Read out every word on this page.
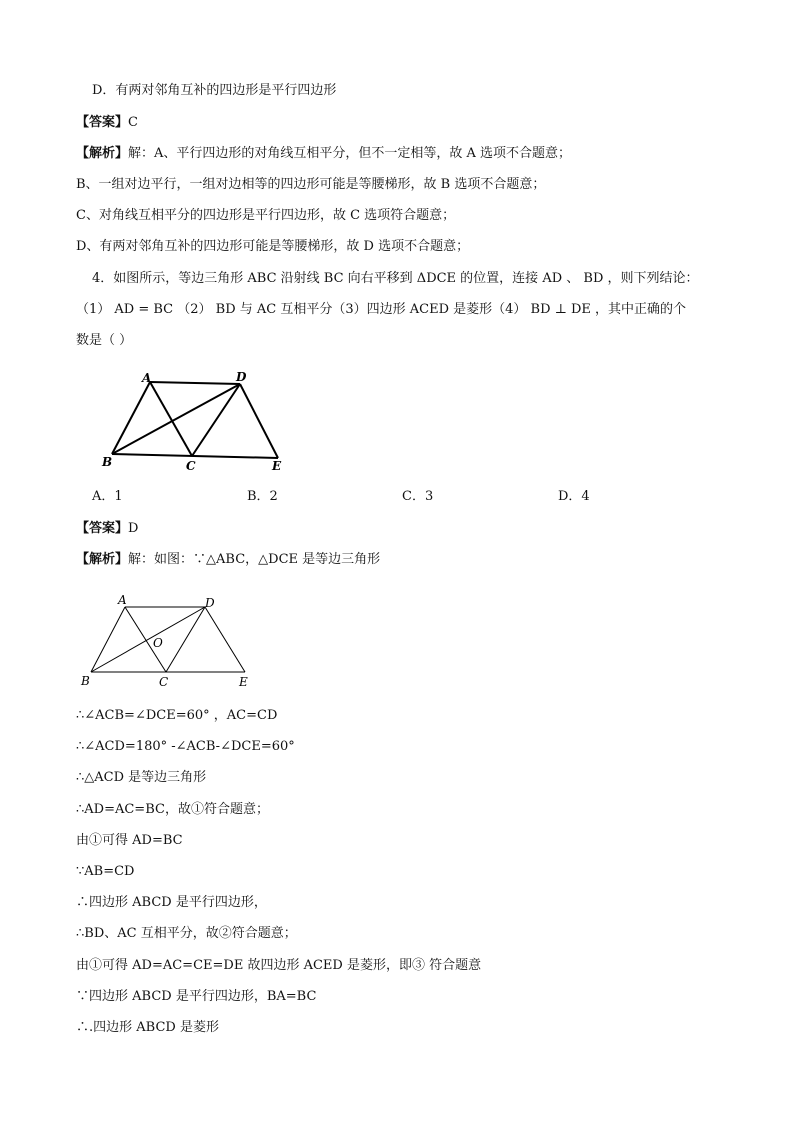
D．有两对邻角互补的四边形是平行四边形
【答案】C
【解析】解：A、平行四边形的对角线互相平分，但不一定相等，故 A 选项不合题意；
B、一组对边平行，一组对边相等的四边形可能是等腰梯形，故 B 选项不合题意；
C、对角线互相平分的四边形是平行四边形，故 C 选项符合题意；
D、有两对邻角互补的四边形可能是等腰梯形，故 D 选项不合题意；
4．如图所示，等边三角形 ABC 沿射线 BC 向右平移到 ΔDCE 的位置，连接 AD 、 BD ，则下列结论：
（1） AD = BC （2） BD 与 AC 互相平分（3）四边形 ACED 是菱形（4） BD ⊥ DE ，其中正确的个
数是（ ）
A	D
B	C	E
A．1	B．2	C．3	D．4
【答案】D
【解析】解：如图：∵△ABC，△DCE 是等边三角形
A	D
O
B	C	E
∴∠ACB=∠DCE=60° ，AC=CD
∴∠ACD=180° -∠ACB-∠DCE=60°
∴△ACD 是等边三角形
∴AD=AC=BC，故①符合题意；
由①可得 AD=BC
∵AB=CD
∴四边形 ABCD 是平行四边形，
∴BD、AC 互相平分，故②符合题意；
由①可得 AD=AC=CE=DE 故四边形 ACED 是菱形，即③ 符合题意
∵四边形 ABCD 是平行四边形，BA=BC
∴.四边形 ABCD 是菱形
